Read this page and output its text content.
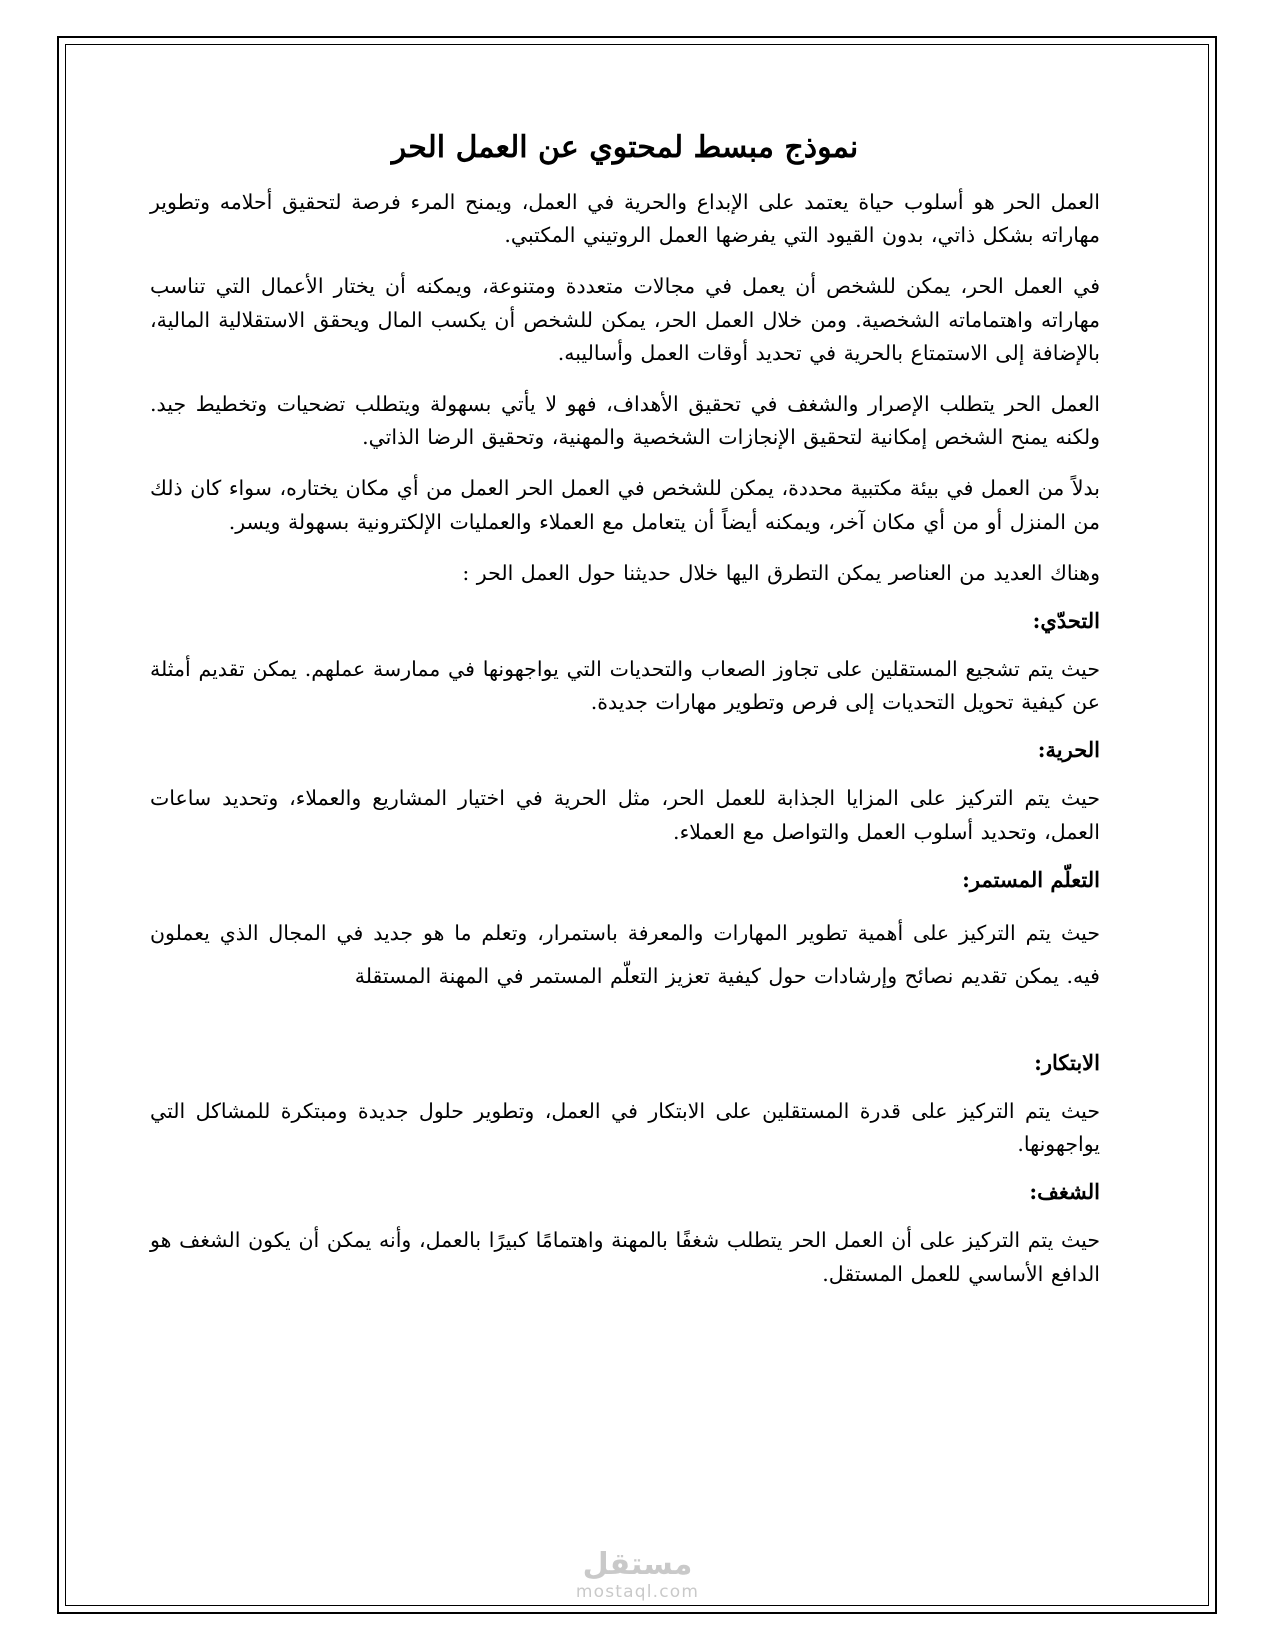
نموذج مبسط لمحتوي عن العمل الحر

العمل الحر هو أسلوب حياة يعتمد على الإبداع والحرية في العمل، ويمنح المرء فرصة لتحقيق أحلامه وتطوير مهاراته بشكل ذاتي، بدون القيود التي يفرضها العمل الروتيني المكتبي.

في العمل الحر، يمكن للشخص أن يعمل في مجالات متعددة ومتنوعة، ويمكنه أن يختار الأعمال التي تناسب مهاراته واهتماماته الشخصية. ومن خلال العمل الحر، يمكن للشخص أن يكسب المال ويحقق الاستقلالية المالية، بالإضافة إلى الاستمتاع بالحرية في تحديد أوقات العمل وأساليبه.

العمل الحر يتطلب الإصرار والشغف في تحقيق الأهداف، فهو لا يأتي بسهولة ويتطلب تضحيات وتخطيط جيد. ولكنه يمنح الشخص إمكانية لتحقيق الإنجازات الشخصية والمهنية، وتحقيق الرضا الذاتي.

بدلاً من العمل في بيئة مكتبية محددة، يمكن للشخص في العمل الحر العمل من أي مكان يختاره، سواء كان ذلك من المنزل أو من أي مكان آخر، ويمكنه أيضاً أن يتعامل مع العملاء والعمليات الإلكترونية بسهولة ويسر.

وهناك العديد من العناصر يمكن التطرق اليها خلال حديثنا حول العمل الحر :

التحدّي:

حيث يتم تشجيع المستقلين على تجاوز الصعاب والتحديات التي يواجهونها في ممارسة عملهم. يمكن تقديم أمثلة عن كيفية تحويل التحديات إلى فرص وتطوير مهارات جديدة.

الحرية:

حيث يتم التركيز على المزايا الجذابة للعمل الحر، مثل الحرية في اختيار المشاريع والعملاء، وتحديد ساعات العمل، وتحديد أسلوب العمل والتواصل مع العملاء.

التعلّم المستمر:

حيث يتم التركيز على أهمية تطوير المهارات والمعرفة باستمرار، وتعلم ما هو جديد في المجال الذي يعملون فيه. يمكن تقديم نصائح وإرشادات حول كيفية تعزيز التعلّم المستمر في المهنة المستقلة

الابتكار:

حيث يتم التركيز على قدرة المستقلين على الابتكار في العمل، وتطوير حلول جديدة ومبتكرة للمشاكل التي يواجهونها.

الشغف:

حيث يتم التركيز على أن العمل الحر يتطلب شغفًا بالمهنة واهتمامًا كبيرًا بالعمل، وأنه يمكن أن يكون الشغف هو الدافع الأساسي للعمل المستقل.

مستقل
mostaql.com
